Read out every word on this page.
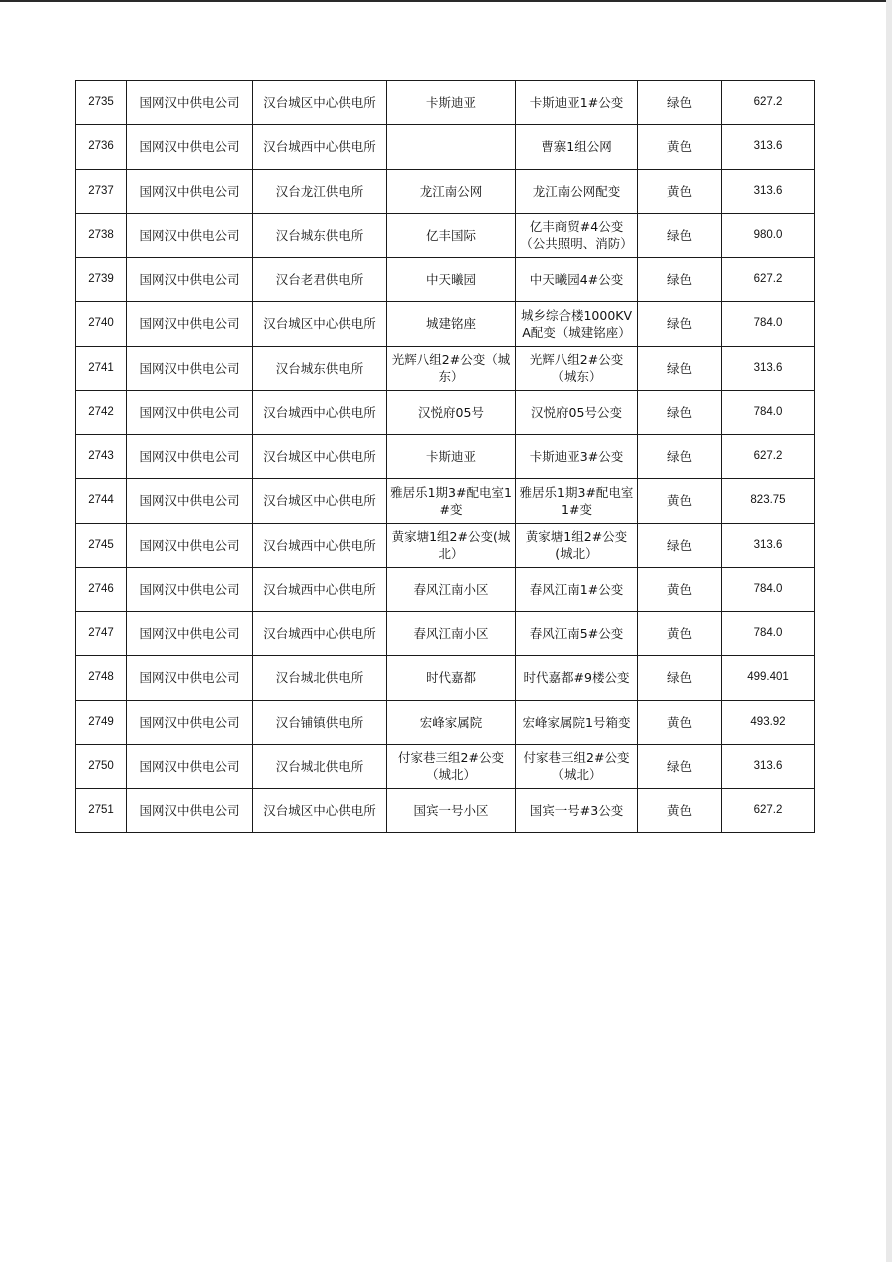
2735	国网汉中供电公司	汉台城区中心供电所	卡斯迪亚	卡斯迪亚1#公变	绿色	627.2

2736	国网汉中供电公司	汉台城西中心供电所		曹寨1组公网	黄色	313.6

2737	国网汉中供电公司	汉台龙江供电所	龙江南公网	龙江南公网配变	黄色	313.6

2738	国网汉中供电公司	汉台城东供电所	亿丰国际	亿丰商贸#4公变（公共照明、消防）	绿色	980.0

2739	国网汉中供电公司	汉台老君供电所	中天曦园	中天曦园4#公变	绿色	627.2

2740	国网汉中供电公司	汉台城区中心供电所	城建铭座	城乡综合楼1000KVA配变（城建铭座）	绿色	784.0

2741	国网汉中供电公司	汉台城东供电所	光辉八组2#公变（城东）	光辉八组2#公变（城东）	绿色	313.6

2742	国网汉中供电公司	汉台城西中心供电所	汉悦府05号	汉悦府05号公变	绿色	784.0

2743	国网汉中供电公司	汉台城区中心供电所	卡斯迪亚	卡斯迪亚3#公变	绿色	627.2

2744	国网汉中供电公司	汉台城区中心供电所	雅居乐1期3#配电室1#变	雅居乐1期3#配电室1#变	黄色	823.75

2745	国网汉中供电公司	汉台城西中心供电所	黄家塘1组2#公变(城北）	黄家塘1组2#公变(城北）	绿色	313.6

2746	国网汉中供电公司	汉台城西中心供电所	春风江南小区	春风江南1#公变	黄色	784.0

2747	国网汉中供电公司	汉台城西中心供电所	春风江南小区	春风江南5#公变	黄色	784.0

2748	国网汉中供电公司	汉台城北供电所	时代嘉都	时代嘉都#9楼公变	绿色	499.401

2749	国网汉中供电公司	汉台铺镇供电所	宏峰家属院	宏峰家属院1号箱变	黄色	493.92

2750	国网汉中供电公司	汉台城北供电所	付家巷三组2#公变（城北）	付家巷三组2#公变（城北）	绿色	313.6

2751	国网汉中供电公司	汉台城区中心供电所	国宾一号小区	国宾一号#3公变	黄色	627.2
